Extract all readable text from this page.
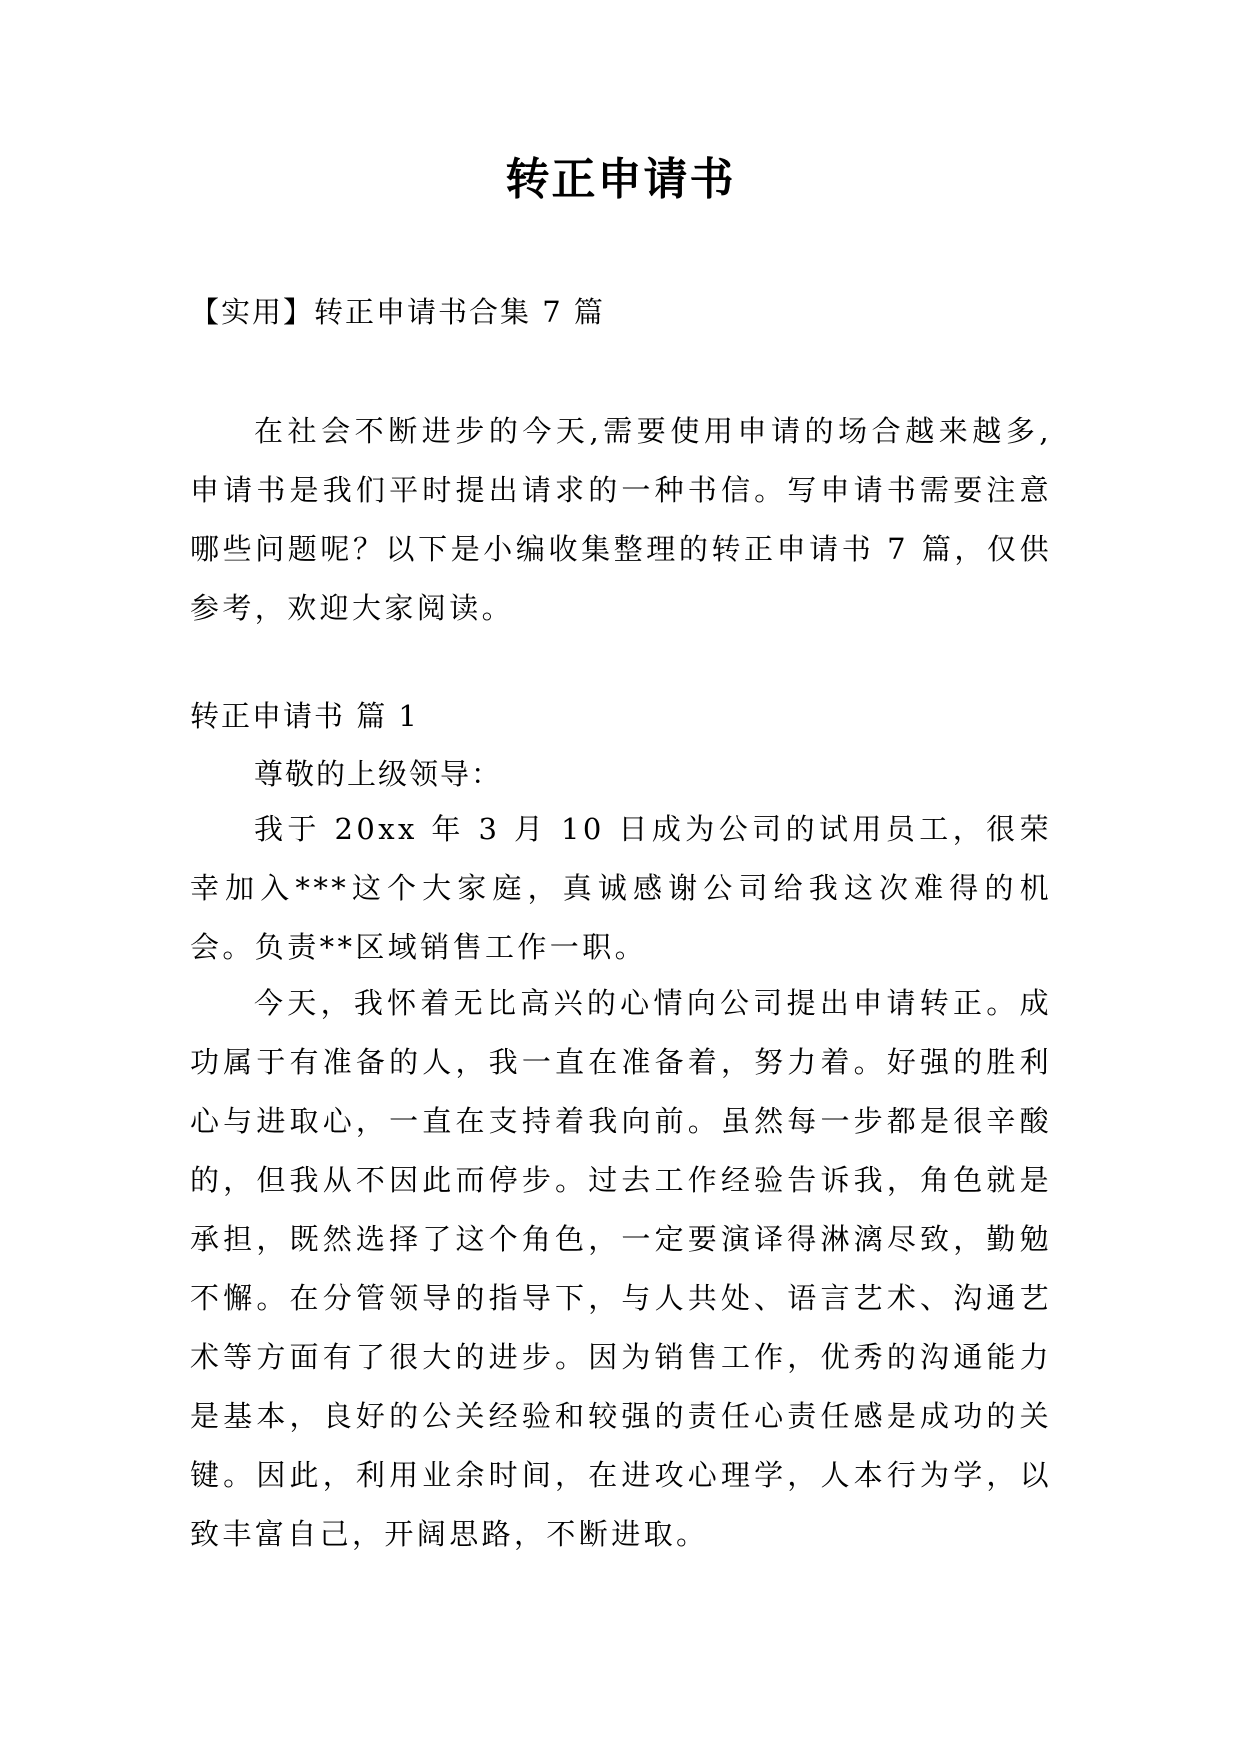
转正申请书
【实用】转正申请书合集 7 篇

在社会不断进步的今天,需要使用申请的场合越来越多,申请书是我们平时提出请求的一种书信。写申请书需要注意哪些问题呢？以下是小编收集整理的转正申请书 7 篇，仅供参考，欢迎大家阅读。

转正申请书 篇 1
尊敬的上级领导：

我于 20xx 年 3 月 10 日成为公司的试用员工，很荣幸加入***这个大家庭，真诚感谢公司给我这次难得的机会。负责**区域销售工作一职。

今天，我怀着无比高兴的心情向公司提出申请转正。成功属于有准备的人，我一直在准备着，努力着。好强的胜利心与进取心，一直在支持着我向前。虽然每一步都是很辛酸的，但我从不因此而停步。过去工作经验告诉我，角色就是承担，既然选择了这个角色，一定要演译得淋漓尽致，勤勉不懈。在分管领导的指导下，与人共处、语言艺术、沟通艺术等方面有了很大的进步。因为销售工作，优秀的沟通能力是基本，良好的公关经验和较强的责任心责任感是成功的关键。因此，利用业余时间，在进攻心理学，人本行为学，以致丰富自己，开阔思路，不断进取。
